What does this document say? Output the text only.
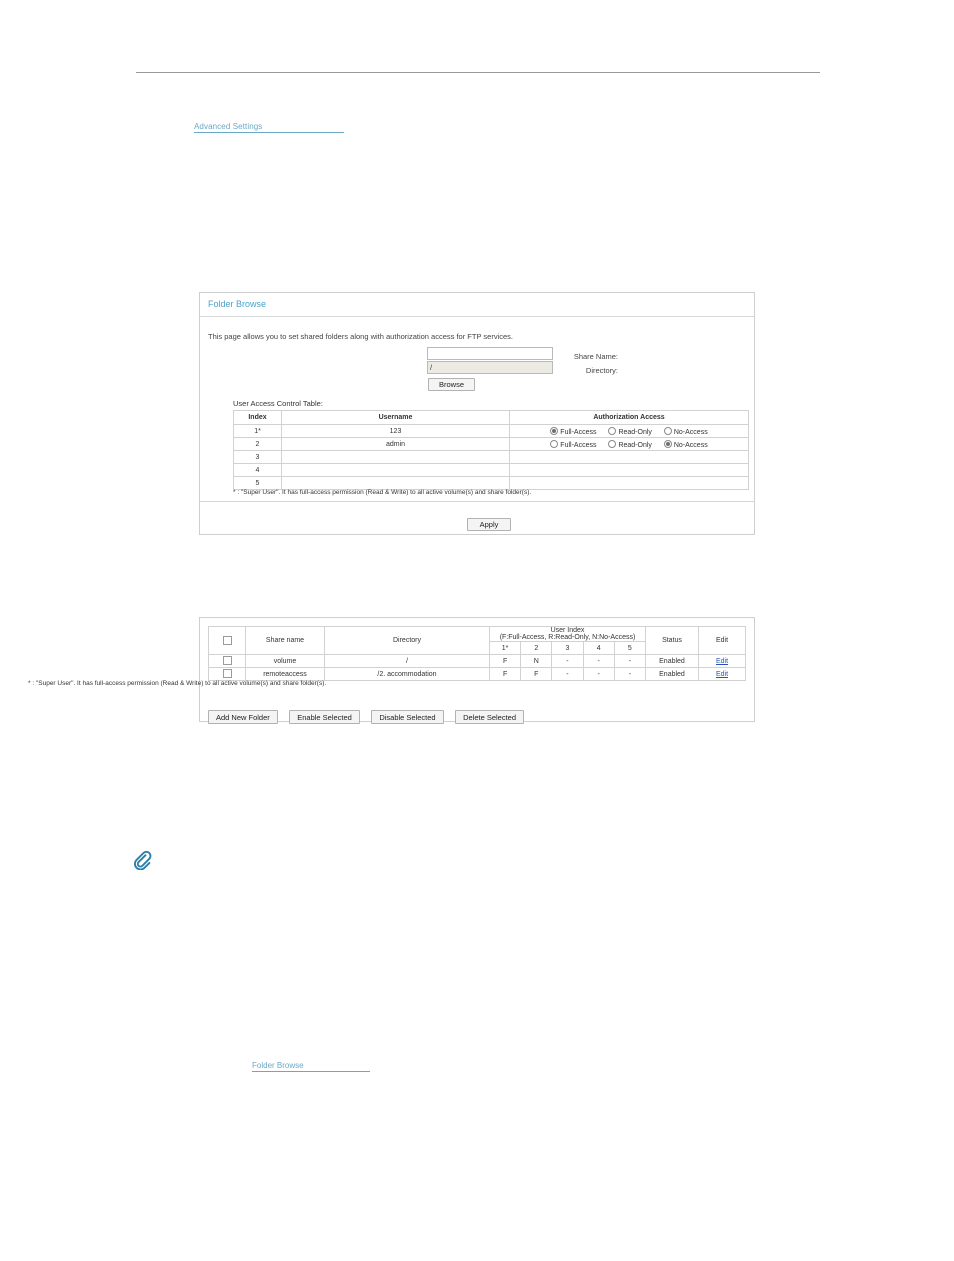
Advanced Settings
Folder Browse
This page allows you to set shared folders along with authorization access for FTP services.
Share Name:
Directory:
/
Browse
User Access Control Table:
Index	Username	Authorization Access
1*	123	Full-Access Read-Only No-Access
2	admin	Full-Access Read-Only No-Access
3		
4		
5		
* : "Super User". It has full-access permission (Read & Write) to all active volume(s) and share folder(s).
Apply
	Share name	Directory	User Index
(F:Full-Access, R:Read-Only, N:No-Access)					Status	Edit
			1*	2	3	4	5		
	volume	/	F	N	-	-	-	Enabled	Edit
	remoteaccess	/2. accommodation	F	F	-	-	-	Enabled	Edit
Add New Folder	Enable Selected	Disable Selected	Delete Selected
* : "Super User". It has full-access permission (Read & Write) to all active volume(s) and share folder(s).
Folder Browse
